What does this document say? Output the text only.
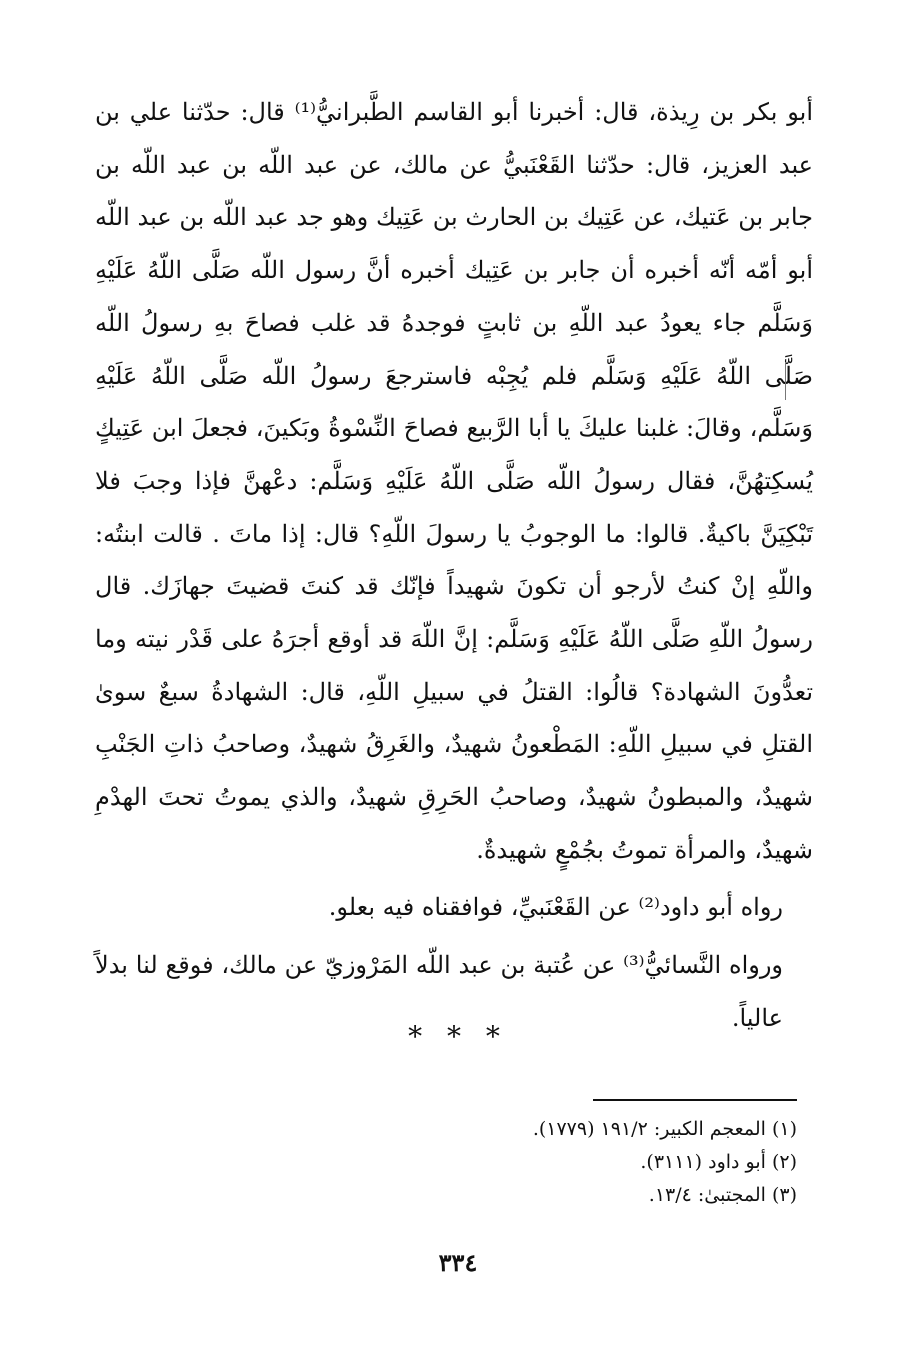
أبو بكر بن رِيذة، قال: أخبرنا أبو القاسم الطَّبرانيُّ⁽¹⁾ قال: حدّثنا علي بن عبد العزيز، قال: حدّثنا القَعْنَبيُّ عن مالك، عن عبد اللّه بن عبد اللّه بن جابر بن عَتيك، عن عَتِيك بن الحارث بن عَتِيك وهو جد عبد اللّه بن عبد اللّه أبو أمّه أنّه أخبره أن جابر بن عَتِيك أخبره أنَّ رسول اللّه صَلَّى اللّهُ عَلَيْهِ وَسَلَّم جاء يعودُ عبد اللّهِ بن ثابتٍ فوجدهُ قد غلب فصاحَ بهِ رسولُ اللّه صَلَّى اللّهُ عَلَيْهِ وَسَلَّم فلم يُجِبْه فاسترجعَ رسولُ اللّه صَلَّى اللّهُ عَلَيْهِ وَسَلَّم، وقالَ: غلبنا عليكَ يا أبا الرَّبيع فصاحَ النِّسْوةُ وبَكينَ، فجعلَ ابن عَتِيكٍ يُسكِتهُنَّ، فقال رسولُ اللّه صَلَّى اللّهُ عَلَيْهِ وَسَلَّم: دعْهنَّ فإذا وجبَ فلا تَبْكِيَنَّ باكيةٌ. قالوا: ما الوجوبُ يا رسولَ اللّهِ؟ قال: إذا ماتَ . قالت ابنتُه: واللّهِ إنْ كنتُ لأرجو أن تكونَ شهيداً فإنّك قد كنتَ قضيتَ جهازَك. قال رسولُ اللّهِ صَلَّى اللّهُ عَلَيْهِ وَسَلَّم: إنَّ اللّهَ قد أوقع أجرَهُ على قَدْر نيته وما تعدُّونَ الشهادة؟ قالُوا: القتلُ في سبيلِ اللّهِ، قال: الشهادةُ سبعٌ سوىٰ القتلِ في سبيلِ اللّهِ: المَطْعونُ شهيدٌ، والغَرِقُ شهيدٌ، وصاحبُ ذاتِ الجَنْبِ شهيدٌ، والمبطونُ شهيدٌ، وصاحبُ الحَرِقِ شهيدٌ، والذي يموتُ تحتَ الهدْمِ شهيدٌ، والمرأة تموتُ بجُمْعٍ شهيدةٌ.

رواه أبو داود⁽²⁾ عن القَعْنَبيِّ، فوافقناه فيه بعلو.

ورواه النَّسائيُّ⁽³⁾ عن عُتبة بن عبد اللّه المَرْوزيّ عن مالك، فوقع لنا بدلاً عالياً.

* * *
(١) المعجم الكبير: ١٩١/٢ (١٧٧٩).
(٢) أبو داود (٣١١١).
(٣) المجتبىٰ: ١٣/٤.
٣٣٤
